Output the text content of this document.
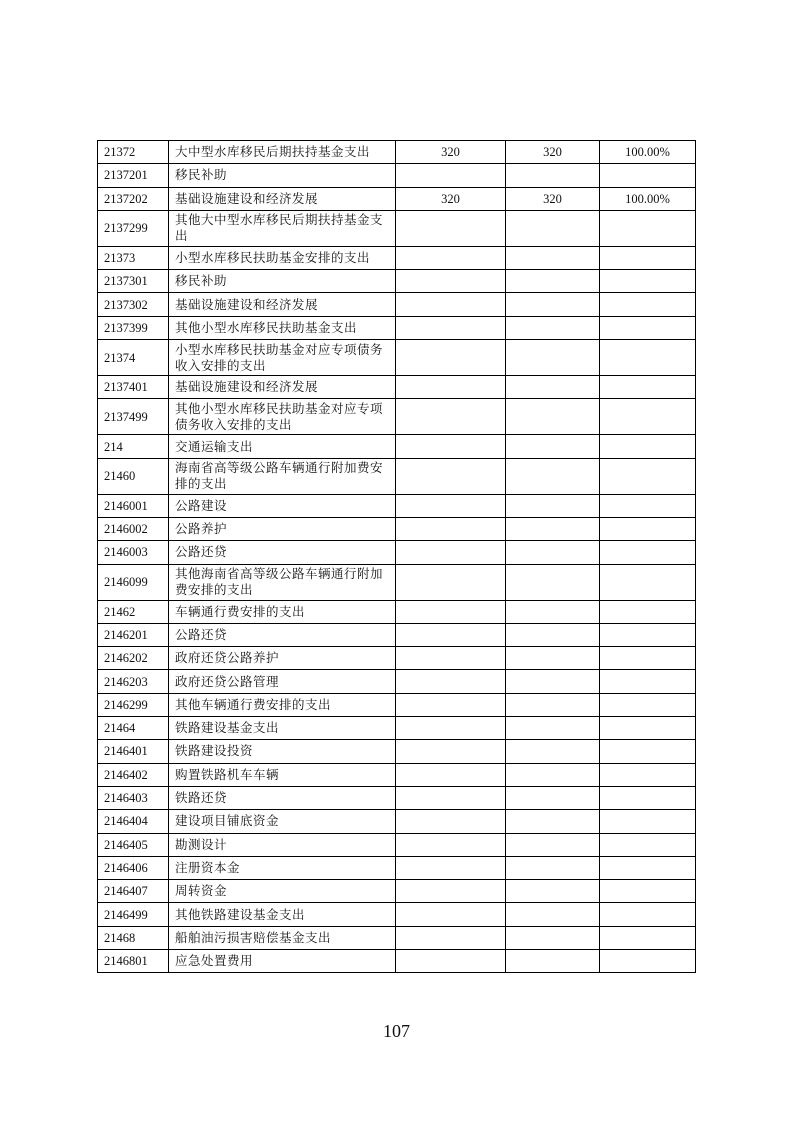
21372	大中型水库移民后期扶持基金支出	320	320	100.00%
2137201	移民补助			
2137202	基础设施建设和经济发展	320	320	100.00%
2137299	其他大中型水库移民后期扶持基金支出			
21373	小型水库移民扶助基金安排的支出			
2137301	移民补助			
2137302	基础设施建设和经济发展			
2137399	其他小型水库移民扶助基金支出			
21374	小型水库移民扶助基金对应专项债务收入安排的支出			
2137401	基础设施建设和经济发展			
2137499	其他小型水库移民扶助基金对应专项债务收入安排的支出			
214	交通运输支出			
21460	海南省高等级公路车辆通行附加费安排的支出			
2146001	公路建设			
2146002	公路养护			
2146003	公路还贷			
2146099	其他海南省高等级公路车辆通行附加费安排的支出			
21462	车辆通行费安排的支出			
2146201	公路还贷			
2146202	政府还贷公路养护			
2146203	政府还贷公路管理			
2146299	其他车辆通行费安排的支出			
21464	铁路建设基金支出			
2146401	铁路建设投资			
2146402	购置铁路机车车辆			
2146403	铁路还贷			
2146404	建设项目铺底资金			
2146405	勘测设计			
2146406	注册资本金			
2146407	周转资金			
2146499	其他铁路建设基金支出			
21468	船舶油污损害赔偿基金支出			
2146801	应急处置费用			
107
